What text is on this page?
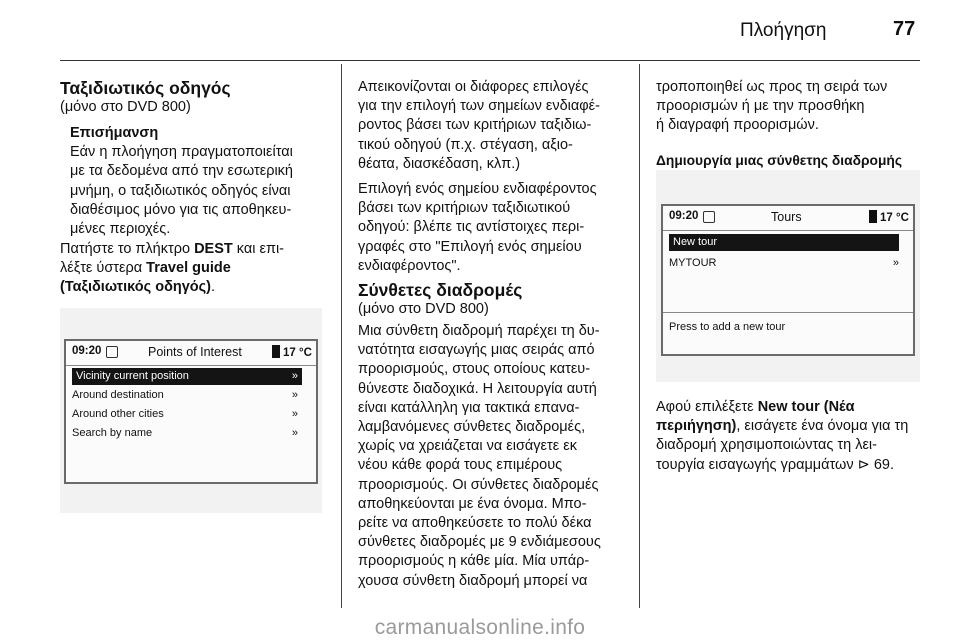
Πλοήγηση	77
Ταξιδιωτικός οδηγός
(μόνο στο DVD 800)
Επισήμανση
Εάν η πλοήγηση πραγματοποιείται
με τα δεδομένα από την εσωτερική
μνήμη, ο ταξιδιωτικός οδηγός είναι
διαθέσιμος μόνο για τις αποθηκευ-
μένες περιοχές.
Πατήστε το πλήκτρο DEST και επι-
λέξτε ύστερα Travel guide
(Ταξιδιωτικός οδηγός).
09:20	Points of Interest	17 °C
Vicinity current position	»
Around destination	»
Around other cities	»
Search by name	»
Απεικονίζονται οι διάφορες επιλογές
για την επιλογή των σημείων ενδιαφέ-
ροντος βάσει των κριτήριων ταξιδιω-
τικού οδηγού (π.χ. στέγαση, αξιο-
θέατα, διασκέδαση, κλπ.)
Επιλογή ενός σημείου ενδιαφέροντος
βάσει των κριτήριων ταξιδιωτικού
οδηγού: βλέπε τις αντίστοιχες περι-
γραφές στο "Επιλογή ενός σημείου
ενδιαφέροντος".
Σύνθετες διαδρομές
(μόνο στο DVD 800)
Μια σύνθετη διαδρομή παρέχει τη δυ-
νατότητα εισαγωγής μιας σειράς από
προορισμούς, στους οποίους κατευ-
θύνεστε διαδοχικά. Η λειτουργία αυτή
είναι κατάλληλη για τακτικά επανα-
λαμβανόμενες σύνθετες διαδρομές,
χωρίς να χρειάζεται να εισάγετε εκ
νέου κάθε φορά τους επιμέρους
προορισμούς. Οι σύνθετες διαδρομές
αποθηκεύονται με ένα όνομα. Μπο-
ρείτε να αποθηκεύσετε το πολύ δέκα
σύνθετες διαδρομές με 9 ενδιάμεσους
προορισμούς η κάθε μία. Μία υπάρ-
χουσα σύνθετη διαδρομή μπορεί να
τροποποιηθεί ως προς τη σειρά των
προορισμών ή με την προσθήκη
ή διαγραφή προορισμών.
Δημιουργία μιας σύνθετης διαδρομής
09:20	Tours	17 °C
New tour
MYTOUR	»
Press to add a new tour
Αφού επιλέξετε New tour (Νέα
περιήγηση), εισάγετε ένα όνομα για τη
διαδρομή χρησιμοποιώντας τη λει-
τουργία εισαγωγής γραμμάτων ⊳ 69.
carmanualsonline.info
